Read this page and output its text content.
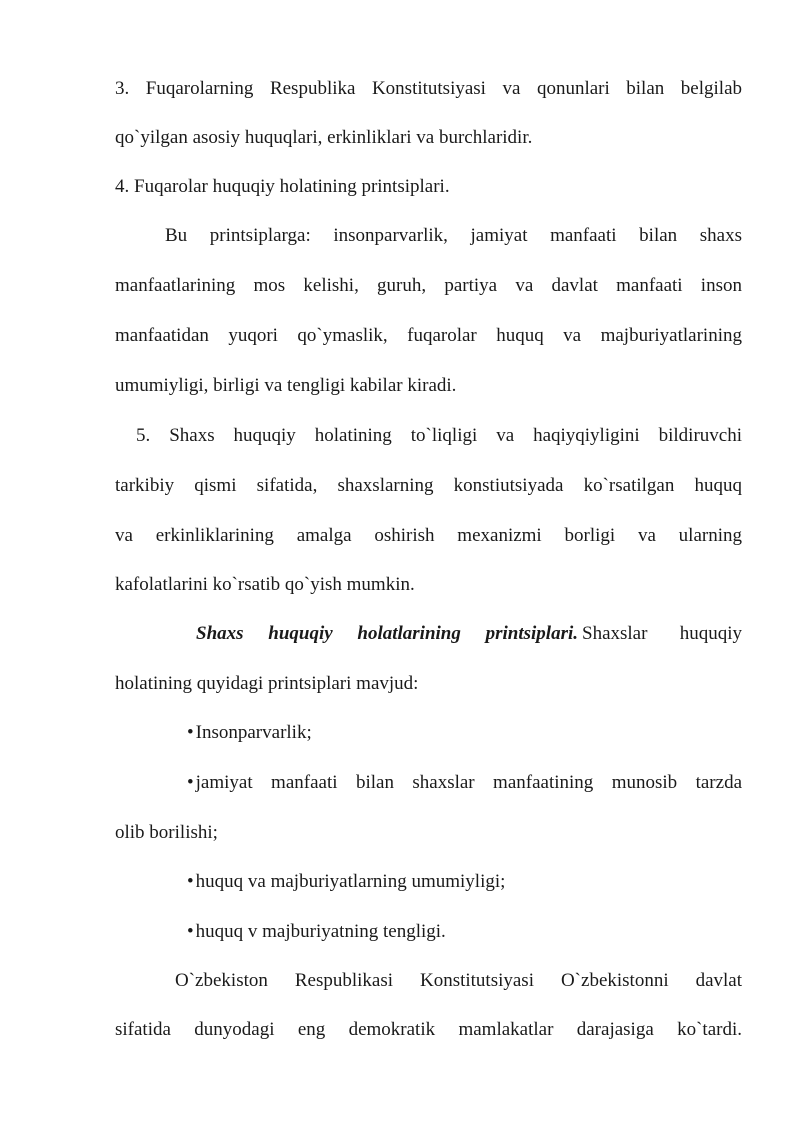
3. Fuqarolarning Respublika Konstitutsiyasi va qonunlari bilan belgilab
qo`yilgan asosiy huquqlari, erkinliklari va burchlaridir.
4. Fuqarolar huquqiy holatining printsiplari.
Bu printsiplarga: insonparvarlik, jamiyat manfaati bilan shaxs
manfaatlarining mos kelishi, guruh, partiya va davlat manfaati inson
manfaatidan yuqori qo`ymaslik, fuqarolar huquq va majburiyatlarining
umumiyligi, birligi va tengligi kabilar kiradi.
5. Shaxs huquqiy holatining to`liqligi va haqiyqiyligini bildiruvchi
tarkibiy qismi sifatida, shaxslarning konstiutsiyada ko`rsatilgan huquq
va erkinliklarining amalga oshirish mexanizmi borligi va ularning
kafolatlarini ko`rsatib qo`yish mumkin.
Shaxs huquqiy holatlarining printsiplari. Shaxslar huquqiy
holatining quyidagi printsiplari mavjud:
• Insonparvarlik;
• jamiyat manfaati bilan shaxslar manfaatining munosib tarzda
olib borilishi;
• huquq va majburiyatlarning umumiyligi;
• huquq v majburiyatning tengligi.
O`zbekiston Respublikasi Konstitutsiyasi O`zbekistonni davlat
sifatida dunyodagi eng demokratik mamlakatlar darajasiga ko`tardi.
